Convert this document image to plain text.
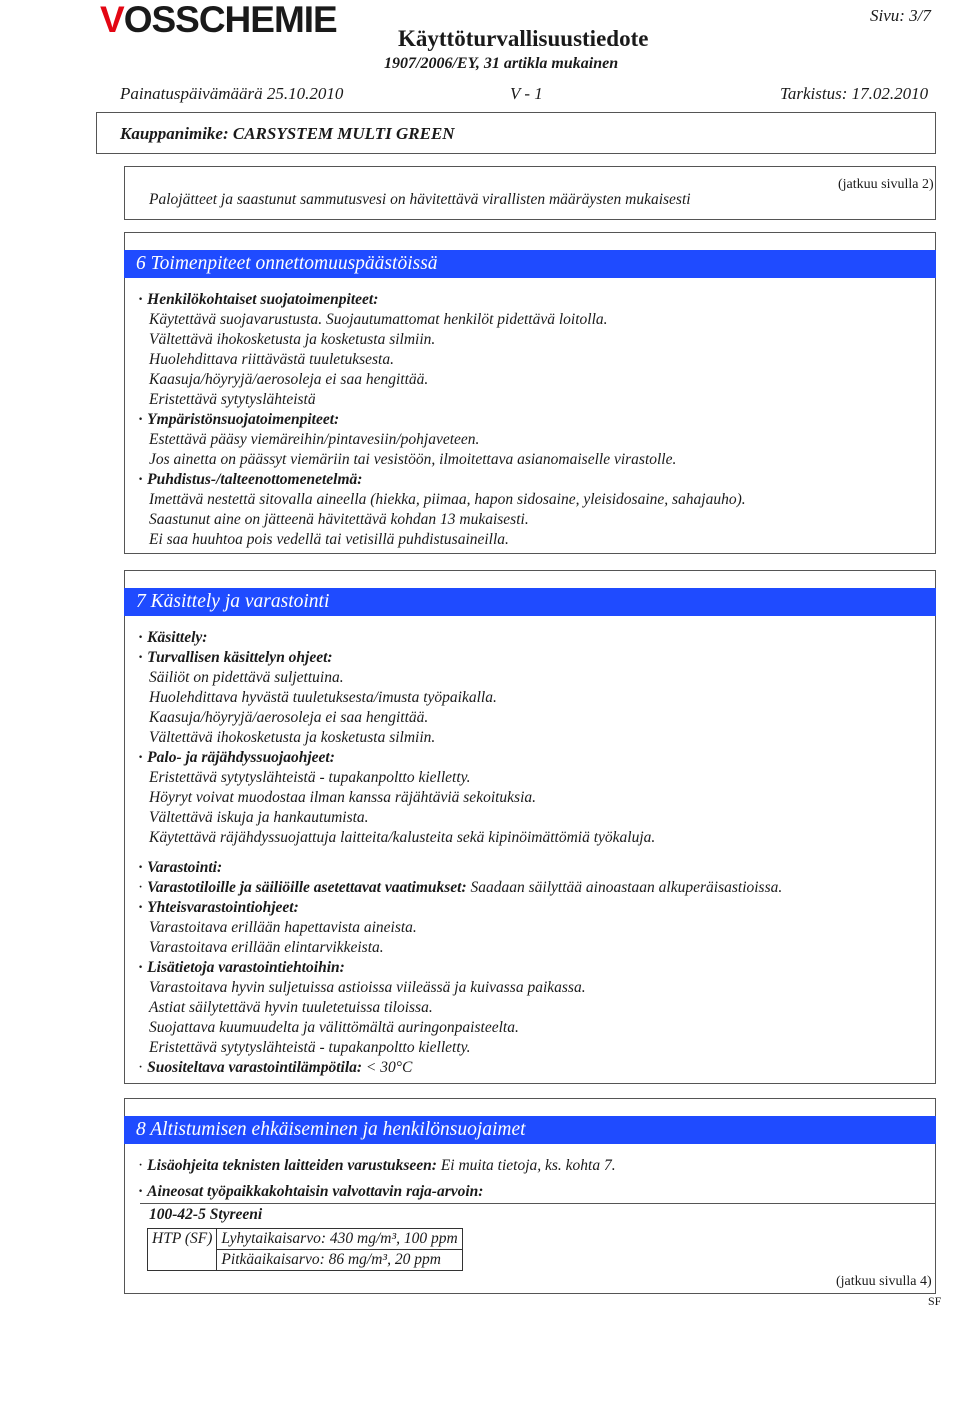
VOSSCHEMIE	Käyttöturvallisuustiedote
1907/2006/EY, 31 artikla mukainen
Sivu: 3/7
Painatuspäivämäärä 25.10.2010	V - 1	Tarkistus: 17.02.2010
Kauppanimike: CARSYSTEM MULTI GREEN
(jatkuu sivulla 2)
Palojätteet ja saastunut sammutusvesi on hävitettävä virallisten määräysten mukaisesti
6 Toimenpiteet onnettomuuspäästöissä
· Henkilökohtaiset suojatoimenpiteet:
Käytettävä suojavarustusta. Suojautumattomat henkilöt pidettävä loitolla.
Vältettävä ihokosketusta ja kosketusta silmiin.
Huolehdittava riittävästä tuuletuksesta.
Kaasuja/höyryjä/aerosoleja ei saa hengittää.
Eristettävä sytytyslähteistä
· Ympäristönsuojatoimenpiteet:
Estettävä pääsy viemäreihin/pintavesiin/pohjaveteen.
Jos ainetta on päässyt viemäriin tai vesistöön, ilmoitettava asianomaiselle virastolle.
· Puhdistus-/talteenottomenetelmä:
Imettävä nestettä sitovalla aineella (hiekka, piimaa, hapon sidosaine, yleisidosaine, sahajauho).
Saastunut aine on jätteenä hävitettävä kohdan 13 mukaisesti.
Ei saa huuhtoa pois vedellä tai vetisillä puhdistusaineilla.
7 Käsittely ja varastointi
· Käsittely:
· Turvallisen käsittelyn ohjeet:
Säiliöt on pidettävä suljettuina.
Huolehdittava hyvästä tuuletuksesta/imusta työpaikalla.
Kaasuja/höyryjä/aerosoleja ei saa hengittää.
Vältettävä ihokosketusta ja kosketusta silmiin.
· Palo- ja räjähdyssuojaohjeet:
Eristettävä sytytyslähteistä - tupakanpoltto kielletty.
Höyryt voivat muodostaa ilman kanssa räjähtäviä sekoituksia.
Vältettävä iskuja ja hankautumista.
Käytettävä räjähdyssuojattuja laitteita/kalusteita sekä kipinöimättömiä työkaluja.
· Varastointi:
· Varastotiloille ja säiliöille asetettavat vaatimukset: Saadaan säilyttää ainoastaan alkuperäisastioissa.
· Yhteisvarastointiohjeet:
Varastoitava erillään hapettavista aineista.
Varastoitava erillään elintarvikkeista.
· Lisätietoja varastointiehtoihin:
Varastoitava hyvin suljetuissa astioissa viileässä ja kuivassa paikassa.
Astiat säilytettävä hyvin tuuletetuissa tiloissa.
Suojattava kuumuudelta ja välittömältä auringonpaisteelta.
Eristettävä sytytyslähteistä - tupakanpoltto kielletty.
· Suositeltava varastointilämpötila: < 30°C
8 Altistumisen ehkäiseminen ja henkilönsuojaimet
· Lisäohjeita teknisten laitteiden varustukseen: Ei muita tietoja, ks. kohta 7.
· Aineosat työpaikkakohtaisin valvottavin raja-arvoin:
100-42-5 Styreeni
HTP (SF)	Lyhytaikaisarvo: 430 mg/m³, 100 ppm
Pitkäaikaisarvo: 86 mg/m³, 20 ppm
(jatkuu sivulla 4)
SF
